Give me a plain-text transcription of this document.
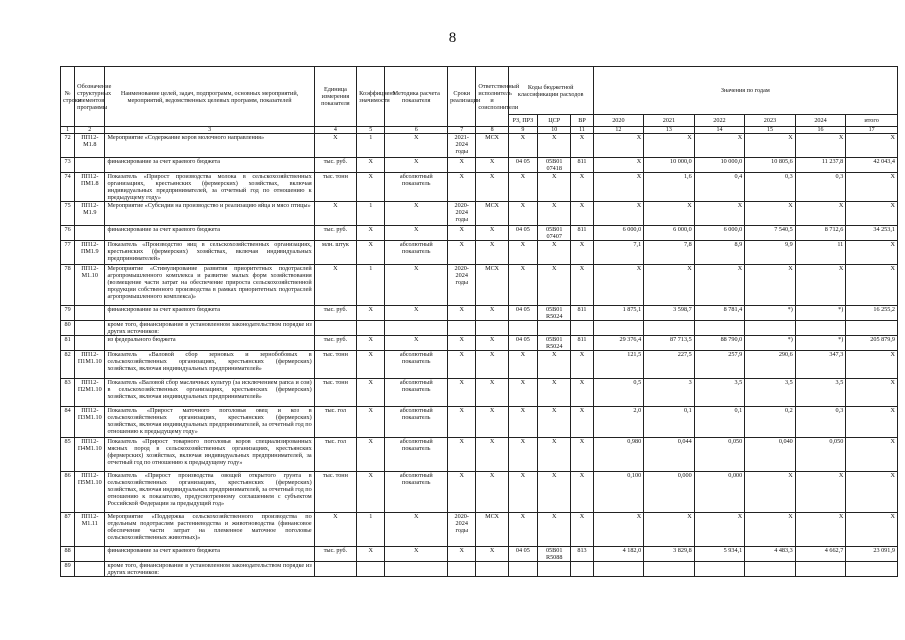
8
№ строки	Обозначение структурных элементов программы	Наименование целей, задач, подпрограмм, основных мероприятий, мероприятий, ведомственных целевых программ, показателей	Единица измерения показателя	Коэффициент значимости	Методика расчета показателя	Сроки реализации	Ответственный исполнитель и соисполнители	Коды бюджетной классификации расходов			Значения по годам					
								РЗ, ПРЗ	ЦСР	ВР	2020	2021	2022	2023	2024	итого
1	2	3	4	5	6	7	8	9	10	11	12	13	14	15	16	17
72	ПП12-М1.8	Мероприятие «Содержание коров молочного направления»	X	1	X	2021-2024 годы	МСХ	X	X	X	X	X	X	X	X	X
73		финансирование за счет краевого бюджета	тыс. руб.	X	X	X	X	04 05	05В01 07418	811	X	10 000,0	10 000,0	10 805,6	11 237,8	42 043,4
74	ПП12-ПМ1.8	Показатель «Прирост производства молока в сельскохозяйственных организациях, крестьянских (фермерских) хозяйствах, включая индивидуальных предпринимателей, за отчетный год по отношению к предыдущему году»	тыс. тонн	X	абсолютный показатель	X	X	X	X	X	X	1,6	0,4	0,3	0,3	X
75	ПП12-М1.9	Мероприятие «Субсидии на производство и реализацию яйца и мясо птицы»	X	1	X	2020-2024 годы	МСХ	X	X	X	X	X	X	X	X	X
76		финансирование за счет краевого бюджета	тыс. руб.	X	X	X	X	04 05	05В01 07407	811	6 000,0	6 000,0	6 000,0	7 540,5	8 712,6	34 253,1
77	ПП12-ПМ1.9	Показатель «Производство яиц в сельскохозяйственных организациях, крестьянских (фермерских) хозяйствах, включая индивидуальных предпринимателей»	млн. штук	X	абсолютный показатель	X	X	X	X	X	7,1	7,8	8,9	9,9	11	X
78	ПП12-М1.10	Мероприятие «Стимулирование развития приоритетных подотраслей агропромышленного комплекса и развитие малых форм хозяйствования (возмещение части затрат на обеспечение прироста сельскохозяйственной продукции собственного производства в рамках приоритетных подотраслей агропромышленного комплекса)»	X	1	X	2020-2024 годы	МСХ	X	X	X	X	X	X	X	X	X
79		финансирование за счет краевого бюджета	тыс. руб.	X	X	X	X	04 05	05В01 R5024	811	1 875,1	3 598,7	8 781,4	*)	*)	16 255,2
80		кроме того, финансирование в установленном законодательством порядке из других источников:														
81		из федерального бюджета	тыс. руб.	X	X	X	X	04 05	05В01 R5024	811	29 376,4	87 713,5	88 790,0	*)	*)	205 879,9
82	ПП12-П1М1.10	Показатель «Валовой сбор зерновых и зернобобовых в сельскохозяйственных организациях, крестьянских (фермерских) хозяйствах, включая индивидуальных предпринимателей»	тыс. тонн	X	абсолютный показатель	X	X	X	X	X	121,5	227,5	257,9	290,6	347,3	X
83	ПП12-П2М1.10	Показатель «Валовой сбор масличных культур (за исключением рапса и сои) в сельскохозяйственных организациях, крестьянских (фермерских) хозяйствах, включая индивидуальных предпринимателей»	тыс. тонн	X	абсолютный показатель	X	X	X	X	X	0,5	3	3,5	3,5	3,5	X
84	ПП12-П3М1.10	Показатель «Прирост маточного поголовья овец и коз в сельскохозяйственных организациях, крестьянских (фермерских) хозяйствах, включая индивидуальных предпринимателей, за отчетный год по отношению к предыдущему году»	тыс. гол	X	абсолютный показатель	X	X	X	X	X	2,0	0,1	0,1	0,2	0,3	X
85	ПП12-П4М1.10	Показатель «Прирост товарного поголовья коров специализированных мясных пород в сельскохозяйственных организациях, крестьянских (фермерских) хозяйствах, включая индивидуальных предпринимателей, за отчетный год по отношению к предыдущему году»	тыс. гол	X	абсолютный показатель	X	X	X	X	X	0,980	0,044	0,050	0,040	0,050	X
86	ПП12-П5М1.10	Показатель «Прирост производства овощей открытого грунта в сельскохозяйственных организациях, крестьянских (фермерских) хозяйствах, включая индивидуальных предпринимателей, за отчетный год по отношению к показателю, предусмотренному соглашением с субъектом Российской Федерации за предыдущий год»	тыс. тонн	X	абсолютный показатель	X	X	X	X	X	0,100	0,000	0,000	X	X	X
87	ПП12-М1.11	Мероприятие «Поддержка сельскохозяйственного производства по отдельным подотраслям растениеводства и животноводства (финансовое обеспечение части затрат на племенное маточное поголовье сельскохозяйственных животных)»	X	1	X	2020-2024 годы	МСХ	X	X	X	X	X	X	X	X	X
88		финансирование за счет краевого бюджета	тыс. руб.	X	X	X	X	04 05	05В01 R5088	813	4 182,0	3 829,8	5 934,1	4 483,3	4 662,7	23 091,9
89		кроме того, финансирование в установленном законодательством порядке из других источников:														
